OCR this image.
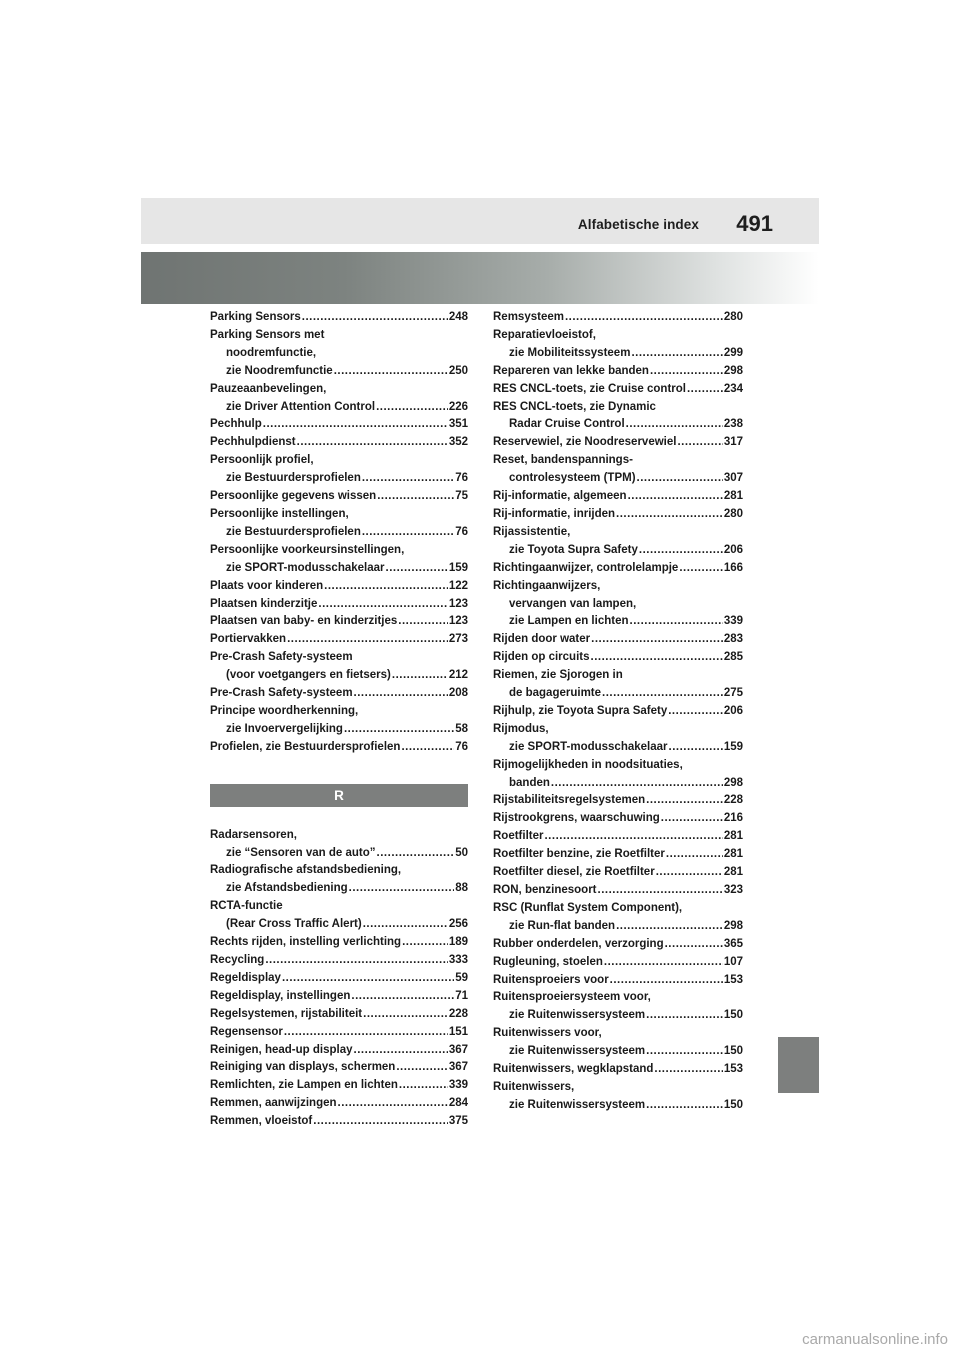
Alfabetische index 491
Parking Sensors .....	248
Parking Sensors met
noodremfunctie,
zie Noodremfunctie .....	250
Pauzeaanbevelingen,
zie Driver Attention Control .....	226
Pechhulp .....	351
Pechhulpdienst .....	352
Persoonlijk profiel,
zie Bestuurdersprofielen .....	76
Persoonlijke gegevens wissen .....	75
Persoonlijke instellingen,
zie Bestuurdersprofielen .....	76
Persoonlijke voorkeursinstellingen,
zie SPORT-modusschakelaar .....	159
Plaats voor kinderen .....	122
Plaatsen kinderzitje .....	123
Plaatsen van baby- en kinderzitjes .....	123
Portiervakken .....	273
Pre-Crash Safety-systeem
(voor voetgangers en fietsers) .....	212
Pre-Crash Safety-systeem .....	208
Principe woordherkenning,
zie Invoervergelijking .....	58
Profielen, zie Bestuurdersprofielen .....	76
R
Radarsensoren,
zie “Sensoren van de auto” .....	50
Radiografische afstandsbediening,
zie Afstandsbediening .....	88
RCTA-functie
(Rear Cross Traffic Alert) .....	256
Rechts rijden, instelling verlichting .....	189
Recycling .....	333
Regeldisplay .....	59
Regeldisplay, instellingen .....	71
Regelsystemen, rijstabiliteit .....	228
Regensensor .....	151
Reinigen, head-up display .....	367
Reiniging van displays, schermen .....	367
Remlichten, zie Lampen en lichten .....	339
Remmen, aanwijzingen .....	284
Remmen, vloeistof .....	375
Remsysteem .....	280
Reparatievloeistof,
zie Mobiliteitssysteem .....	299
Repareren van lekke banden .....	298
RES CNCL-toets, zie Cruise control .....	234
RES CNCL-toets, zie Dynamic
Radar Cruise Control .....	238
Reservewiel, zie Noodreservewiel .....	317
Reset, bandenspannings-
controlesysteem (TPM) .....	307
Rij-informatie, algemeen .....	281
Rij-informatie, inrijden .....	280
Rijassistentie,
zie Toyota Supra Safety .....	206
Richtingaanwijzer, controlelampje .....	166
Richtingaanwijzers,
vervangen van lampen,
zie Lampen en lichten .....	339
Rijden door water .....	283
Rijden op circuits .....	285
Riemen, zie Sjorogen in
de bagageruimte .....	275
Rijhulp, zie Toyota Supra Safety .....	206
Rijmodus,
zie SPORT-modusschakelaar .....	159
Rijmogelijkheden in noodsituaties,
banden .....	298
Rijstabiliteitsregelsystemen .....	228
Rijstrookgrens, waarschuwing .....	216
Roetfilter .....	281
Roetfilter benzine, zie Roetfilter .....	281
Roetfilter diesel, zie Roetfilter .....	281
RON, benzinesoort .....	323
RSC (Runflat System Component),
zie Run-flat banden .....	298
Rubber onderdelen, verzorging .....	365
Rugleuning, stoelen .....	107
Ruitensproeiers voor .....	153
Ruitensproeiersysteem voor,
zie Ruitenwissersysteem .....	150
Ruitenwissers voor,
zie Ruitenwissersysteem .....	150
Ruitenwissers, wegklapstand .....	153
Ruitenwissers,
zie Ruitenwissersysteem .....	150
carmanualsonline.info
